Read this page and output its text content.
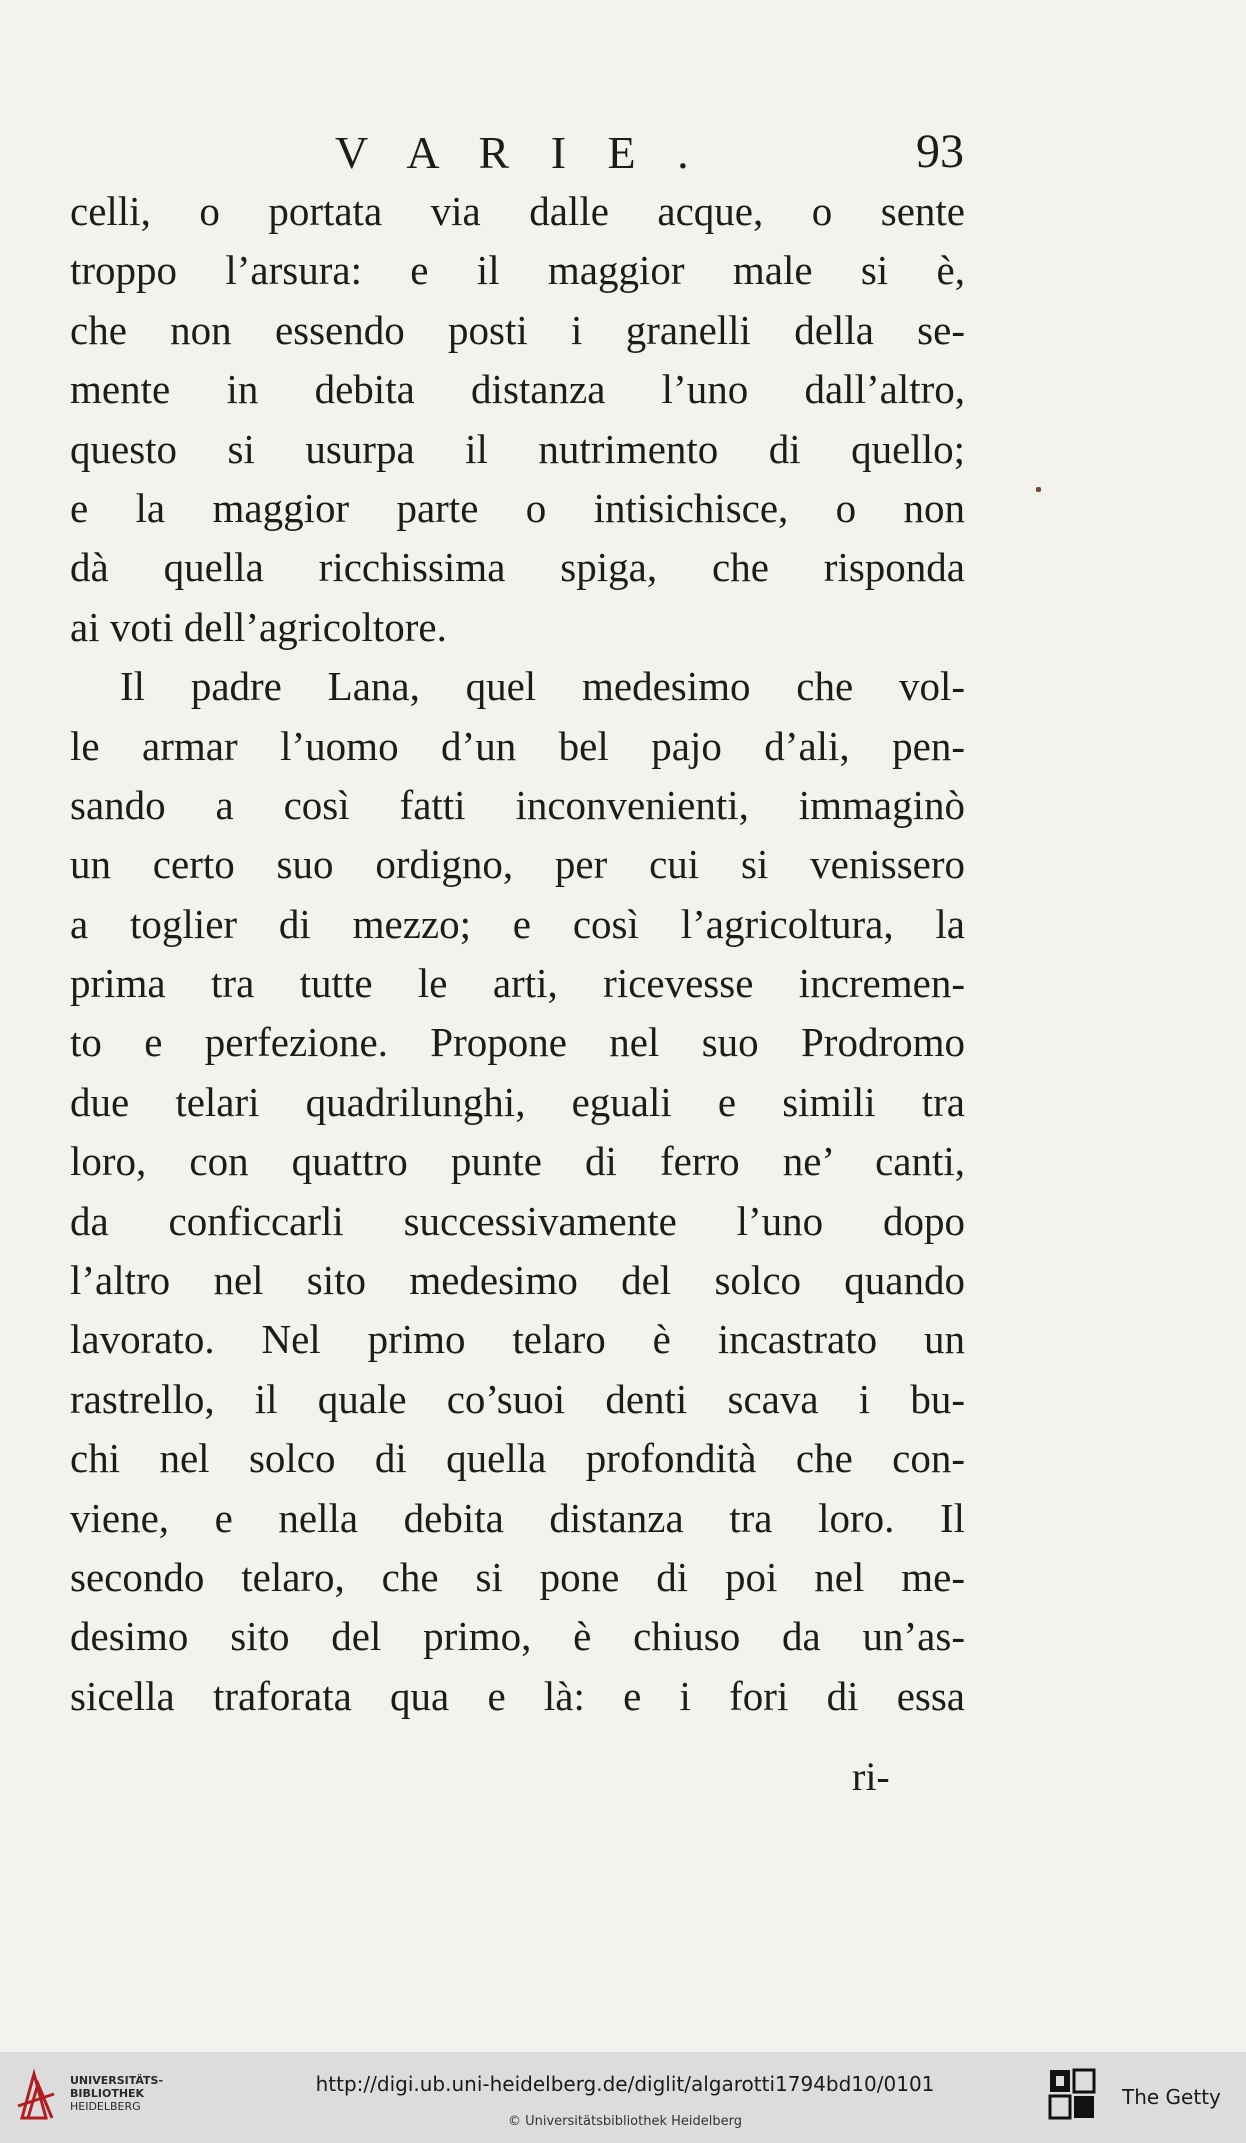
V A R I E .	93
celli, o portata via dalle acque, o sente
troppo l’arsura: e il maggior male si è,
che non essendo posti i granelli della se-
mente in debita distanza l’uno dall’altro,
questo si usurpa il nutrimento di quello;
e la maggior parte o intisichisce, o non
dà quella ricchissima spiga, che risponda
ai voti dell’agricoltore.
Il padre Lana, quel medesimo che vol-
le armar l’uomo d’un bel pajo d’ali, pen-
sando a così fatti inconvenienti, immaginò
un certo suo ordigno, per cui si venissero
a toglier di mezzo; e così l’agricoltura, la
prima tra tutte le arti, ricevesse incremen-
to e perfezione. Propone nel suo Prodromo
due telari quadrilunghi, eguali e simili tra
loro, con quattro punte di ferro ne’ canti,
da conficcarli successivamente l’uno dopo
l’altro nel sito medesimo del solco quando
lavorato. Nel primo telaro è incastrato un
rastrello, il quale co’suoi denti scava i bu-
chi nel solco di quella profondità che con-
viene, e nella debita distanza tra loro. Il
secondo telaro, che si pone di poi nel me-
desimo sito del primo, è chiuso da un’as-
sicella traforata qua e là: e i fori di essa
ri-
UNIVERSITÄTS-
BIBLIOTHEK
HEIDELBERG
http://digi.ub.uni-heidelberg.de/diglit/algarotti1794bd10/0101
© Universitätsbibliothek Heidelberg
The Getty
